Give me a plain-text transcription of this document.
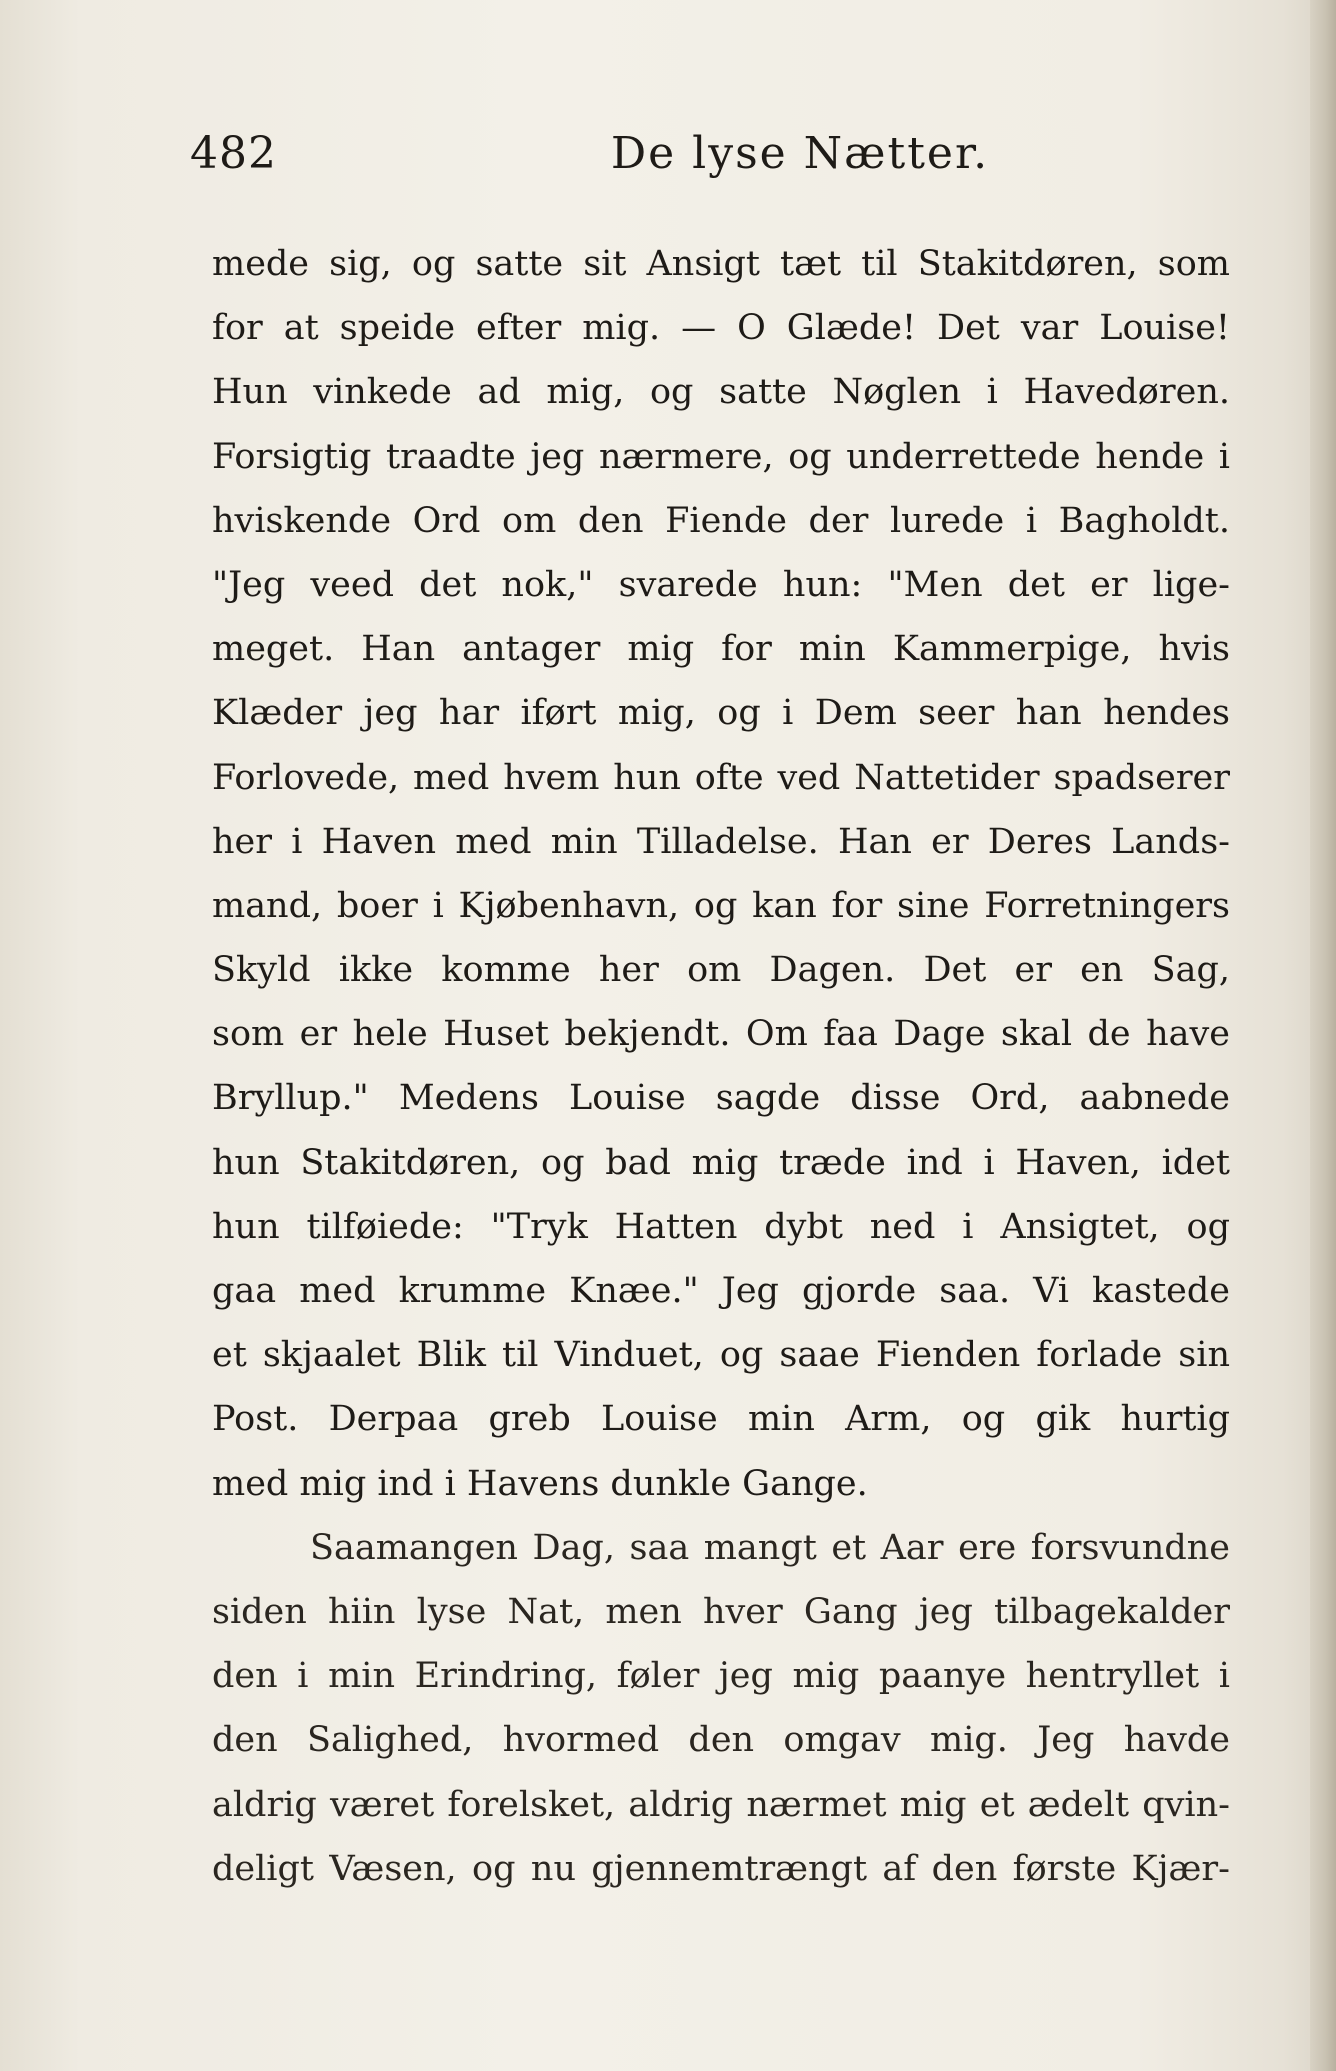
482	De lyse Nætter.
mede sig, og satte sit Ansigt tæt til Stakitdøren, som
for at speide efter mig. — O Glæde! Det var Louise!
Hun vinkede ad mig, og satte Nøglen i Havedøren.
Forsigtig traadte jeg nærmere, og underrettede hende i
hviskende Ord om den Fiende der lurede i Bagholdt.
"Jeg veed det nok," svarede hun: "Men det er lige-
meget. Han antager mig for min Kammerpige, hvis
Klæder jeg har iført mig, og i Dem seer han hendes
Forlovede, med hvem hun ofte ved Nattetider spadserer
her i Haven med min Tilladelse. Han er Deres Lands-
mand, boer i Kjøbenhavn, og kan for sine Forretningers
Skyld ikke komme her om Dagen. Det er en Sag,
som er hele Huset bekjendt. Om faa Dage skal de have
Bryllup." Medens Louise sagde disse Ord, aabnede
hun Stakitdøren, og bad mig træde ind i Haven, idet
hun tilføiede: "Tryk Hatten dybt ned i Ansigtet, og
gaa med krumme Knæe." Jeg gjorde saa. Vi kastede
et skjaalet Blik til Vinduet, og saae Fienden forlade sin
Post. Derpaa greb Louise min Arm, og gik hurtig
med mig ind i Havens dunkle Gange.
Saamangen Dag, saa mangt et Aar ere forsvundne
siden hiin lyse Nat, men hver Gang jeg tilbagekalder
den i min Erindring, føler jeg mig paanye hentryllet i
den Salighed, hvormed den omgav mig. Jeg havde
aldrig været forelsket, aldrig nærmet mig et ædelt qvin-
deligt Væsen, og nu gjennemtrængt af den første Kjær-
